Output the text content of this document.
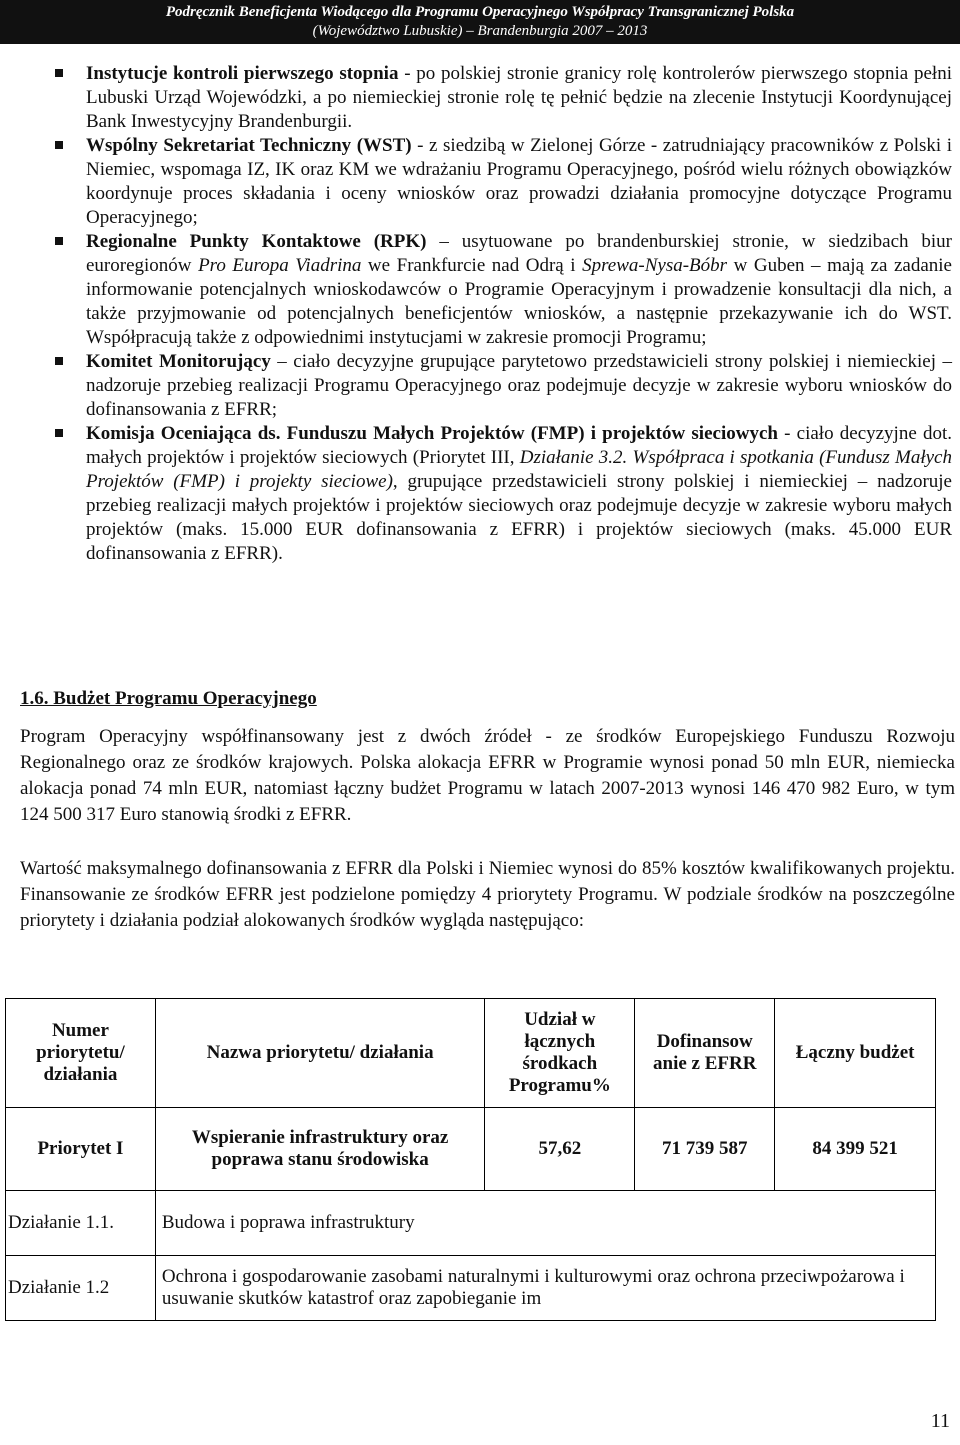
Podręcznik Beneficjenta Wiodącego dla Programu Operacyjnego Współpracy Transgranicznej Polska
(Województwo Lubuskie) – Brandenburgia 2007 – 2013
Instytucje kontroli pierwszego stopnia - po polskiej stronie granicy rolę kontrolerów pierwszego stopnia pełni Lubuski Urząd Wojewódzki, a po niemieckiej stronie rolę tę pełnić będzie na zlecenie Instytucji Koordynującej Bank Inwestycyjny Brandenburgii.
Wspólny Sekretariat Techniczny (WST) - z siedzibą w Zielonej Górze - zatrudniający pracowników z Polski i Niemiec, wspomaga IZ, IK oraz KM we wdrażaniu Programu Operacyjnego, pośród wielu różnych obowiązków koordynuje proces składania i oceny wniosków oraz prowadzi działania promocyjne dotyczące Programu Operacyjnego;
Regionalne Punkty Kontaktowe (RPK) – usytuowane po brandenburskiej stronie, w siedzibach biur euroregionów Pro Europa Viadrina we Frankfurcie nad Odrą i Sprewa-Nysa-Bóbr w Guben – mają za zadanie informowanie potencjalnych wnioskodawców o Programie Operacyjnym i prowadzenie konsultacji dla nich, a także przyjmowanie od potencjalnych beneficjentów wniosków, a następnie przekazywanie ich do WST. Współpracują także z odpowiednimi instytucjami w zakresie promocji Programu;
Komitet Monitorujący – ciało decyzyjne grupujące parytetowo przedstawicieli strony polskiej i niemieckiej – nadzoruje przebieg realizacji Programu Operacyjnego oraz podejmuje decyzje w zakresie wyboru wniosków do dofinansowania z EFRR;
Komisja Oceniająca ds. Funduszu Małych Projektów (FMP) i projektów sieciowych - ciało decyzyjne dot. małych projektów i projektów sieciowych (Priorytet III, Działanie 3.2. Współpraca i spotkania (Fundusz Małych Projektów (FMP) i projekty sieciowe), grupujące przedstawicieli strony polskiej i niemieckiej – nadzoruje przebieg realizacji małych projektów i projektów sieciowych oraz podejmuje decyzje w zakresie wyboru małych projektów (maks. 15.000 EUR dofinansowania z EFRR) i projektów sieciowych (maks. 45.000 EUR dofinansowania z EFRR).
1.6. Budżet Programu Operacyjnego

Program Operacyjny współfinansowany jest z dwóch źródeł - ze środków Europejskiego Funduszu Rozwoju Regionalnego oraz ze środków krajowych. Polska alokacja EFRR w Programie wynosi ponad 50 mln EUR, niemiecka alokacja ponad 74 mln EUR, natomiast łączny budżet Programu w latach 2007-2013 wynosi 146 470 982 Euro, w tym 124 500 317 Euro stanowią środki z EFRR.

Wartość maksymalnego dofinansowania z EFRR dla Polski i Niemiec wynosi do 85% kosztów kwalifikowanych projektu. Finansowanie ze środków EFRR jest podzielone pomiędzy 4 priorytety Programu. W podziale środków na poszczególne priorytety i działania podział alokowanych środków wygląda następująco:

Numer priorytetu/ działania	Nazwa priorytetu/ działania	Udział w łącznych środkach Programu%	Dofinansow anie z EFRR	Łączny budżet
Priorytet I	Wspieranie infrastruktury oraz poprawa stanu środowiska	57,62	71 739 587	84 399 521
Działanie 1.1.	Budowa i poprawa infrastruktury			
Działanie 1.2	Ochrona i gospodarowanie zasobami naturalnymi i kulturowymi oraz ochrona przeciwpożarowa i usuwanie skutków katastrof oraz zapobieganie im			
11
